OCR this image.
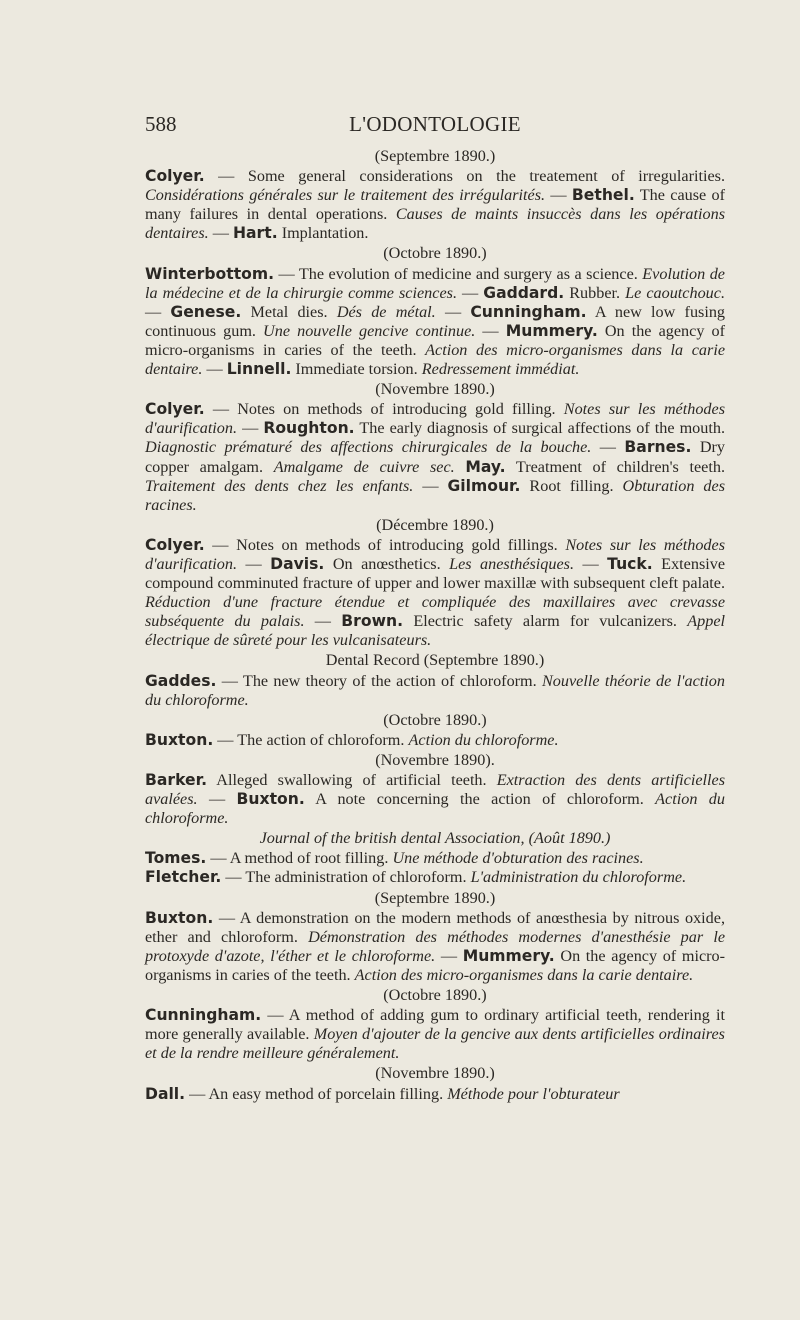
588	L'ODONTOLOGIE
(Septembre 1890.)

Colyer. — Some general considerations on the treatement of irregularities. Considérations générales sur le traitement des irrégularités. — Bethel. The cause of many failures in dental operations. Causes de maints insuccès dans les opérations dentaires. — Hart. Implantation.

(Octobre 1890.)

Winterbottom. — The evolution of medicine and surgery as a science. Evolution de la médecine et de la chirurgie comme sciences. — Gaddard. Rubber. Le caoutchouc. — Genese. Metal dies. Dés de métal. — Cunningham. A new low fusing continuous gum. Une nouvelle gencive continue. — Mummery. On the agency of micro-organisms in caries of the teeth. Action des micro-organismes dans la carie dentaire. — Linnell. Immediate torsion. Redressement immédiat.

(Novembre 1890.)

Colyer. — Notes on methods of introducing gold filling. Notes sur les méthodes d'aurification. — Roughton. The early diagnosis of surgical affections of the mouth. Diagnostic prématuré des affections chirurgicales de la bouche. — Barnes. Dry copper amalgam. Amalgame de cuivre sec. May. Treatment of children's teeth. Traitement des dents chez les enfants. — Gilmour. Root filling. Obturation des racines.

(Décembre 1890.)

Colyer. — Notes on methods of introducing gold fillings. Notes sur les méthodes d'aurification. — Davis. On anœsthetics. Les anesthésiques. — Tuck. Extensive compound comminuted fracture of upper and lower maxillæ with subsequent cleft palate. Réduction d'une fracture étendue et compliquée des maxillaires avec crevasse subséquente du palais. — Brown. Electric safety alarm for vulcanizers. Appel électrique de sûreté pour les vulcanisateurs.

Dental Record (Septembre 1890.)

Gaddes. — The new theory of the action of chloroform. Nouvelle théorie de l'action du chloroforme.

(Octobre 1890.)

Buxton. — The action of chloroform. Action du chloroforme.

(Novembre 1890).

Barker. Alleged swallowing of artificial teeth. Extraction des dents artificielles avalées. — Buxton. A note concerning the action of chloroform. Action du chloroforme.

Journal of the british dental Association, (Août 1890.)

Tomes. — A method of root filling. Une méthode d'obturation des racines.

Fletcher. — The administration of chloroform. L'administration du chloroforme.

(Septembre 1890.)

Buxton. — A demonstration on the modern methods of anœsthesia by nitrous oxide, ether and chloroform. Démonstration des méthodes modernes d'anesthésie par le protoxyde d'azote, l'éther et le chloroforme. — Mummery. On the agency of micro-organisms in caries of the teeth. Action des micro-organismes dans la carie dentaire.

(Octobre 1890.)

Cunningham. — A method of adding gum to ordinary artificial teeth, rendering it more generally available. Moyen d'ajouter de la gencive aux dents artificielles ordinaires et de la rendre meilleure généralement.

(Novembre 1890.)

Dall. — An easy method of porcelain filling. Méthode pour l'obturateur
